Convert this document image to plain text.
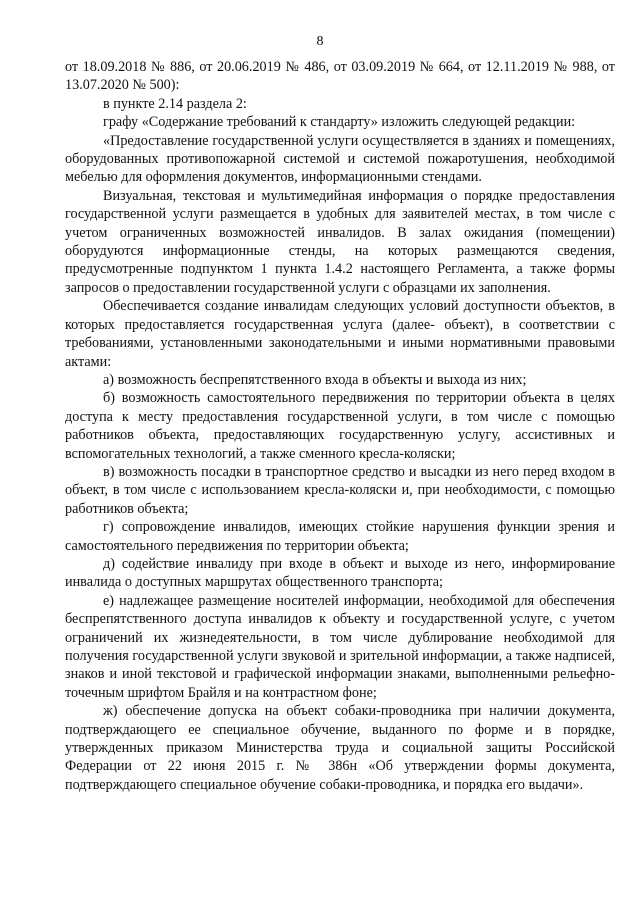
8

от 18.09.2018 № 886, от 20.06.2019 № 486, от 03.09.2019 № 664, от 12.11.2019 № 988, от 13.07.2020 № 500):

в пункте 2.14 раздела 2:

графу «Содержание требований к стандарту» изложить следующей редакции:

«Предоставление государственной услуги осуществляется в зданиях и помещениях, оборудованных противопожарной системой и системой пожаротушения, необходимой мебелью для оформления документов, информационными стендами.

Визуальная, текстовая и мультимедийная информация о порядке предоставления государственной услуги размещается в удобных для заявителей местах, в том числе с учетом ограниченных возможностей инвалидов. В залах ожидания (помещении) оборудуются информационные стенды, на которых размещаются сведения, предусмотренные подпунктом 1 пункта 1.4.2 настоящего Регламента, а также формы запросов о предоставлении государственной услуги с образцами их заполнения.

Обеспечивается создание инвалидам следующих условий доступности объектов, в которых предоставляется государственная услуга (далее- объект), в соответствии с требованиями, установленными законодательными и иными нормативными правовыми актами:

а) возможность беспрепятственного входа в объекты и выхода из них;

б) возможность самостоятельного передвижения по территории объекта в целях доступа к месту предоставления государственной услуги, в том числе с помощью работников объекта, предоставляющих государственную услугу, ассистивных и вспомогательных технологий, а также сменного кресла-коляски;

в) возможность посадки в транспортное средство и высадки из него перед входом в объект, в том числе с использованием кресла-коляски и, при необходимости, с помощью работников объекта;

г) сопровождение инвалидов, имеющих стойкие нарушения функции зрения и самостоятельного передвижения по территории объекта;

д) содействие инвалиду при входе в объект и выходе из него, информирование инвалида о доступных маршрутах общественного транспорта;

е) надлежащее размещение носителей информации, необходимой для обеспечения беспрепятственного доступа инвалидов к объекту и государственной услуге, с учетом ограничений их жизнедеятельности, в том числе дублирование необходимой для получения государственной услуги звуковой и зрительной информации, а также надписей, знаков и иной текстовой и графической информации знаками, выполненными рельефно-точечным шрифтом Брайля и на контрастном фоне;

ж) обеспечение допуска на объект собаки-проводника при наличии документа, подтверждающего ее специальное обучение, выданного по форме и в порядке, утвержденных приказом Министерства труда и социальной защиты Российской Федерации от 22 июня 2015 г. № 386н «Об утверждении формы документа, подтверждающего специальное обучение собаки-проводника, и порядка его выдачи».
